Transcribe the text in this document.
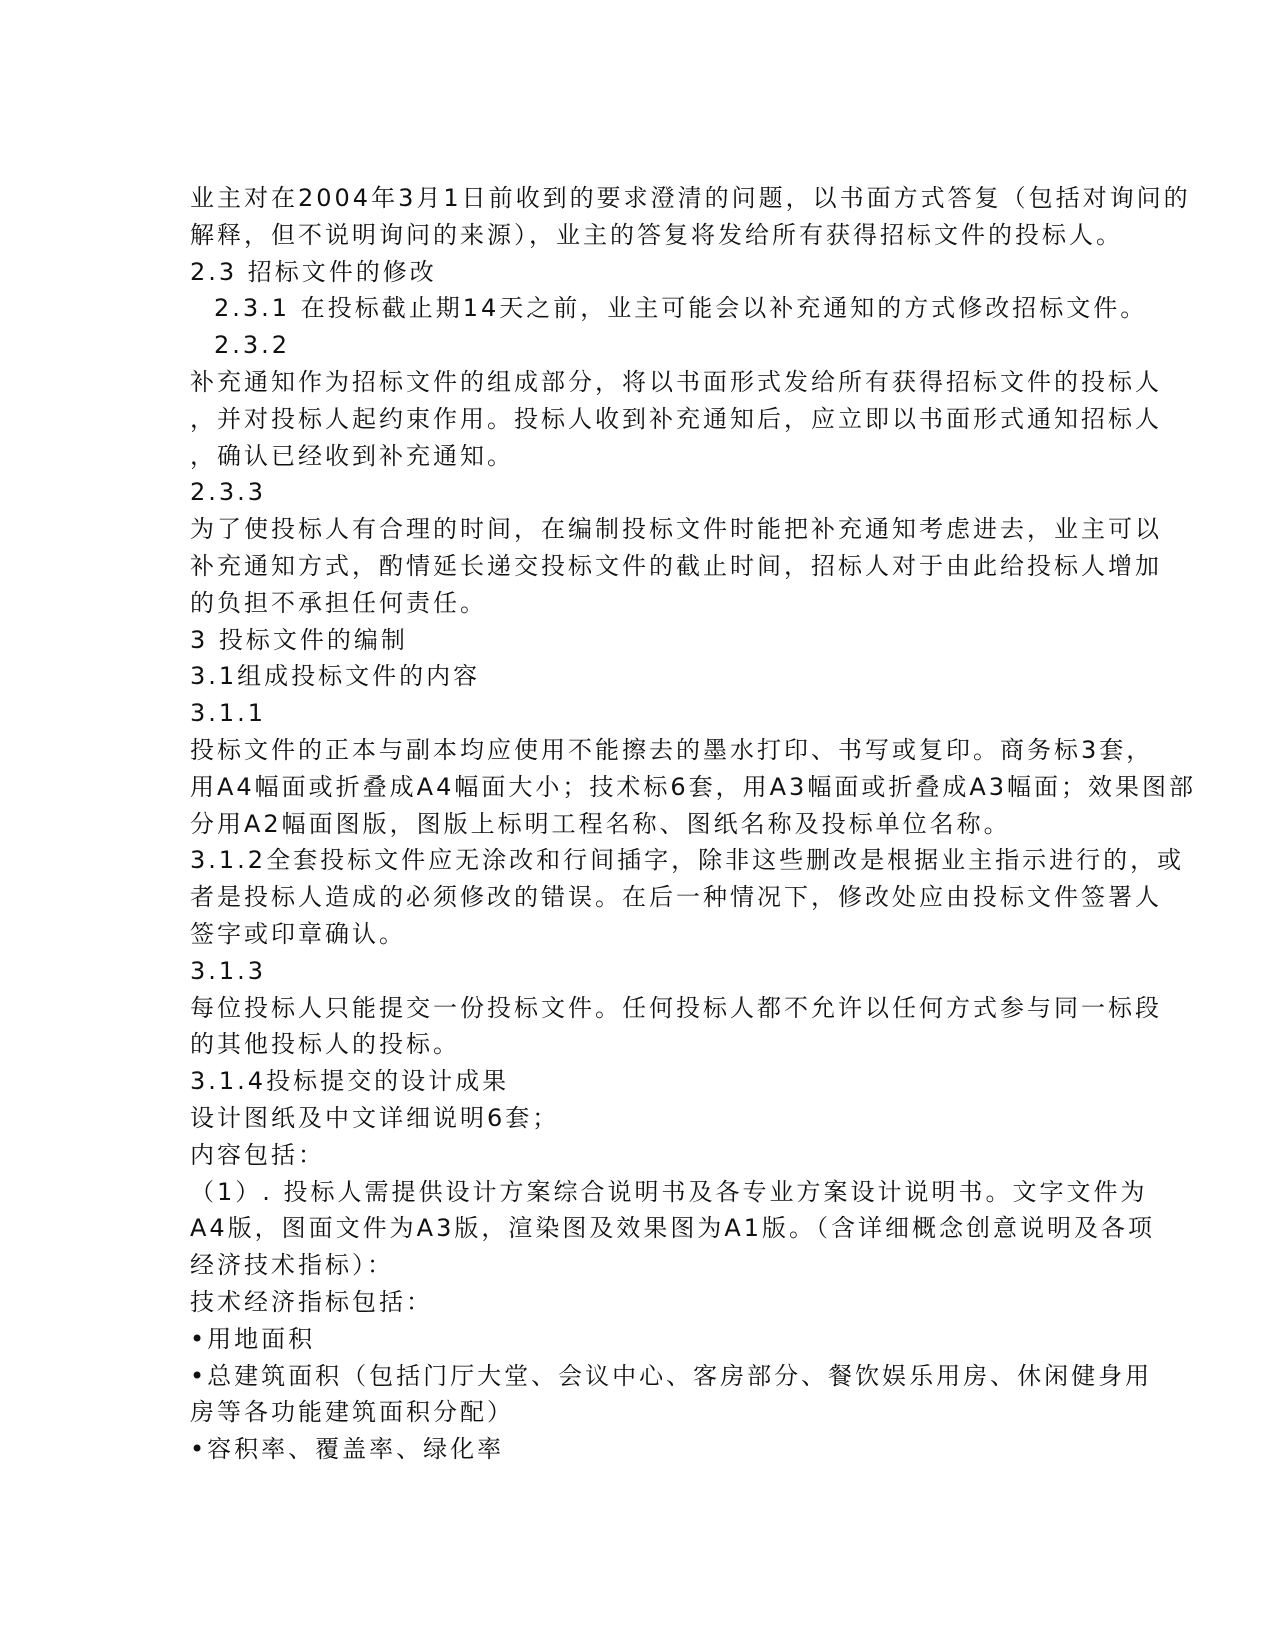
业主对在2004年3月1日前收到的要求澄清的问题，以书面方式答复（包括对询问的
解释，但不说明询问的来源），业主的答复将发给所有获得招标文件的投标人。
2.3 招标文件的修改
2.3.1 在投标截止期14天之前，业主可能会以补充通知的方式修改招标文件。
2.3.2
补充通知作为招标文件的组成部分，将以书面形式发给所有获得招标文件的投标人
，并对投标人起约束作用。投标人收到补充通知后，应立即以书面形式通知招标人
，确认已经收到补充通知。
2.3.3
为了使投标人有合理的时间，在编制投标文件时能把补充通知考虑进去，业主可以
补充通知方式，酌情延长递交投标文件的截止时间，招标人对于由此给投标人增加
的负担不承担任何责任。
3 投标文件的编制
3.1组成投标文件的内容
3.1.1
投标文件的正本与副本均应使用不能擦去的墨水打印、书写或复印。商务标3套，
用A4幅面或折叠成A4幅面大小；技术标6套，用A3幅面或折叠成A3幅面；效果图部
分用A2幅面图版，图版上标明工程名称、图纸名称及投标单位名称。
3.1.2全套投标文件应无涂改和行间插字，除非这些删改是根据业主指示进行的，或
者是投标人造成的必须修改的错误。在后一种情况下，修改处应由投标文件签署人
签字或印章确认。
3.1.3
每位投标人只能提交一份投标文件。任何投标人都不允许以任何方式参与同一标段
的其他投标人的投标。
3.1.4投标提交的设计成果
设计图纸及中文详细说明6套；
内容包括：
（1）. 投标人需提供设计方案综合说明书及各专业方案设计说明书。文字文件为
A4版，图面文件为A3版，渲染图及效果图为A1版。（含详细概念创意说明及各项
经济技术指标）：
技术经济指标包括：
•用地面积
•总建筑面积（包括门厅大堂、会议中心、客房部分、餐饮娱乐用房、休闲健身用
房等各功能建筑面积分配）
•容积率、覆盖率、绿化率
